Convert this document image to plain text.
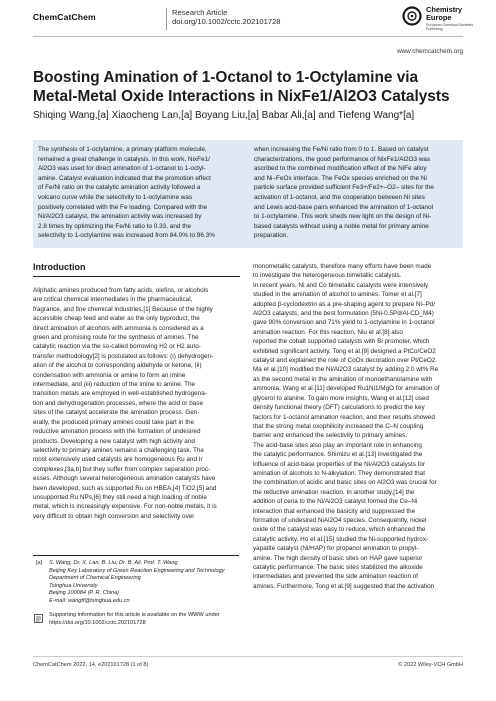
ChemCatChem	Research Article
doi.org/10.1002/cctc.202101728
Chemistry
Europe
European Chemical Societies Publishing
www.chemcatchem.org
Boosting Amination of 1-Octanol to 1-Octylamine via
Metal-Metal Oxide Interactions in NixFe1/Al2O3 Catalysts
Shiqing Wang,[a] Xiaocheng Lan,[a] Boyang Liu,[a] Babar Ali,[a] and Tiefeng Wang*[a]
The synthesis of 1-octylamine, a primary platform molecule,
remained a great challenge in catalysis. In this work, NixFe1/
Al2O3 was used for direct amination of 1-octanol to 1-octyl-
amine. Catalyst evaluation indicated that the promotion effect
of Fe/Ni ratio on the catalytic amination activity followed a
volcano curve while the selectivity to 1-octylamine was
positively correlated with the Fe loading. Compared with the
Ni/Al2O3 catalyst, the amination activity was increased by
2.8 times by optimizing the Fe/Ni ratio to 0.33, and the
selectivity to 1-octylamine was increased from 84.0% to 96.3%
when increasing the Fe/Ni ratio from 0 to 1. Based on catalyst
characterizations, the good performance of NixFe1/Al2O3 was
ascribed to the combined modification effect of the NiFe alloy
and Ni–FeOx interface. The FeOx species enriched on the Ni
particle surface provided sufficient Fe3+/Fe2+–O2– sites for the
activation of 1-octanol, and the cooperation between Ni sites
and Lewis acid-base pairs enhanced the amination of 1-octanol
to 1-octylamine. This work sheds new light on the design of Ni-
based catalysts without using a noble metal for primary amine
preparation.
Introduction
Aliphatic amines produced from fatty acids, olefins, or alcohols
are critical chemical intermediates in the pharmaceutical,
fragrance, and fine chemical industries.[1] Because of the highly
accessible cheap feed and water as the only byproduct, the
direct amination of alcohols with ammonia is considered as a
green and promising route for the synthesis of amines. The
catalytic reaction via the so-called borrowing H2 or H2 auto-
transfer methodology[2] is postulated as follows: (i) dehydrogen-
ation of the alcohol to corresponding aldehyde or ketone, (ii)
condensation with ammonia or amine to form an imine
intermediate, and (iii) reduction of the imine to amine. The
transition metals are employed in well-established hydrogena-
tion and dehydrogenation processes, where the acid or base
sites of the catalyst accelerate the amination process. Gen-
erally, the produced primary amines could take part in the
reductive amination process with the formation of undesired
products. Developing a new catalyst with high activity and
selectivity to primary amines remains a challenging task. The
most extensively used catalysts are homogeneous Ru and Ir
complexes,[3a,b] but they suffer from complex separation proc-
esses. Although several heterogeneous amination catalysts have
been developed, such as supported Ru on HBEA,[4] TiO2,[5] and
unsupported Ru NPs,[6] they still need a high loading of noble
metal, which is increasingly expensive. For non-noble metals, it is
very difficult to obtain high conversion and selectivity over
monometallic catalysts, therefore many efforts have been made
to investigate the heterogeneous bimetallic catalysts.
In recent years, Ni and Co bimetallic catalysts were intensively
studied in the amination of alcohol to amines. Tomer et al.[7]
adopted β-cyclodextrin as a pre-shaping agent to prepare Ni–Pd/
Al2O3 catalysts, and the best formulation (5Ni-0.5Pd/Al-CD_M4)
gave 90% conversion and 71% yield to 1-octylamine in 1-octanol
amination reaction. For this reaction, Niu et al.[8] also
reported the cobalt supported catalysts with Bi promoter, which
exhibited significant activity. Tong et al.[9] designed a PtCo/CeO2
catalyst and explained the role of CoOx decoration over Pt/CeO2.
Ma et al.[10] modified the Ni/Al2O3 catalyst by adding 2.0 wt% Re
as the second metal in the amination of monoethanolamine with
ammonia. Wang et al.[11] developed Ru1Ni1/MgO for amination of
glycerol to alanine. To gain more insights, Wang et al.[12] used
density functional theory (DFT) calculations to predict the key
factors for 1-octanol amination reaction, and their results showed
that the strong metal oxophilicity increased the C–N coupling
barrier and enhanced the selectivity to primary amines.
The acid-base sites also play an important role in enhancing
the catalytic performance. Shimizu et al.[13] investigated the
influence of acid-base properties of the Ni/Al2O3 catalysts for
amination of alcohols to N-alkylation. They demonstrated that
the combination of acidic and basic sites on Al2O3 was crucial for
the reductive amination reaction. In another study,[14] the
addition of ceria to the Ni/Al2O3 catalyst formed the Ce–Ni
interaction that enhanced the basicity and suppressed the
formation of undesired NiAl2O4 species. Consequently, nickel
oxide of the catalyst was easy to reduce, which enhanced the
catalytic activity. Ho et al.[15] studied the Ni-supported hydrox-
yapatite catalyst (Ni/HAP) for propanol amination to propyl-
amine. The high density of basic sites on HAP gave superior
catalytic performance. The basic sites stabilized the alkoxide
intermediates and prevented the side amination reaction of
amines. Furthermore, Tong et al.[9] suggested that the activation
[a] S. Wang, Dr. X. Lan, B. Liu, Dr. B. Ali, Prof. T. Wang
Beijing Key Laboratory of Green Reaction Engineering and Technology
Department of Chemical Engineering
Tsinghua University
Beijing 100084 (P. R. China)
E-mail: wangtf@tsinghua.edu.cn
Supporting information for this article is available on the WWW under
https://doi.org/10.1002/cctc.202101728
ChemCatChem 2022, 14, e202101728 (1 of 8)	© 2022 Wiley-VCH GmbH
